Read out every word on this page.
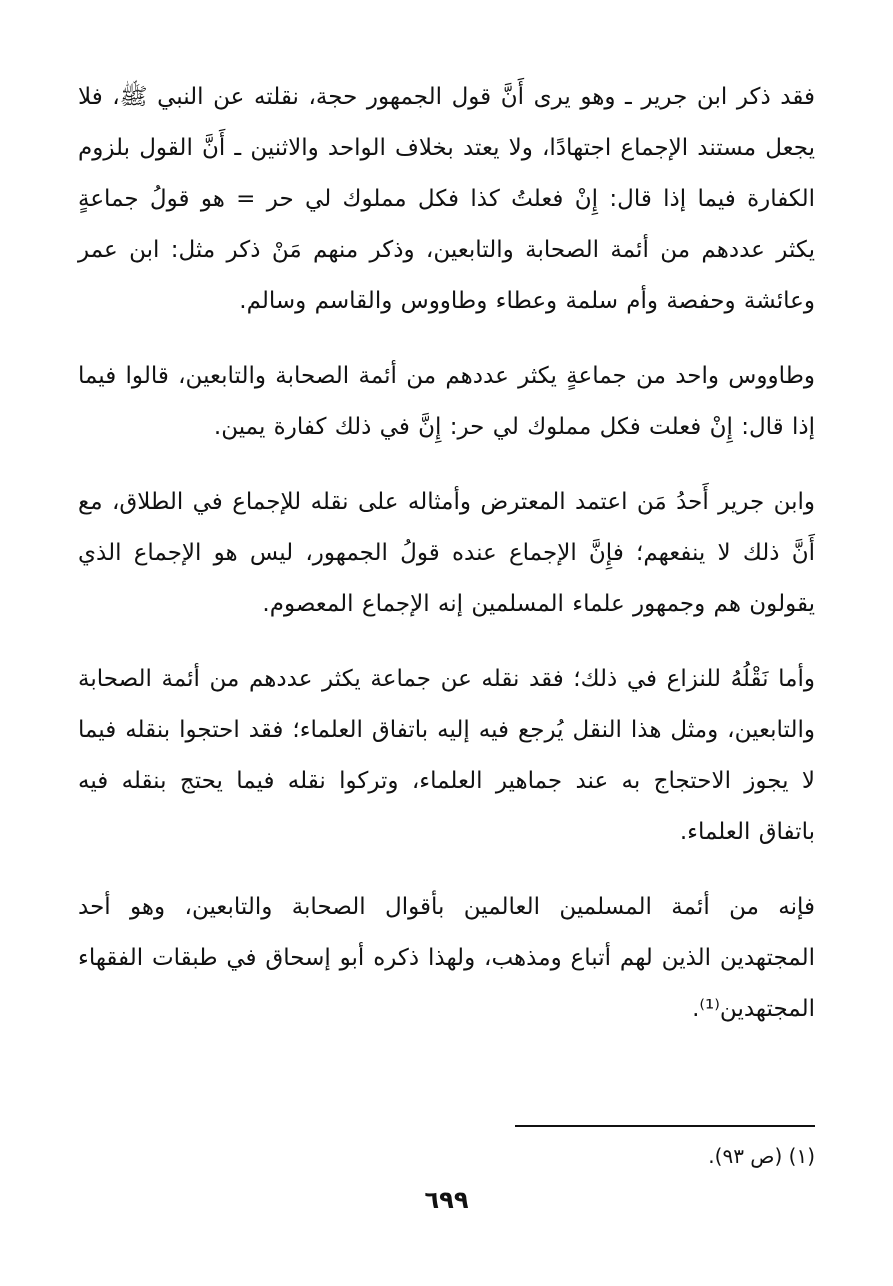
فقد ذكر ابن جرير ـ وهو يرى أَنَّ قول الجمهور حجة، نقلته عن النبي ﷺ، فلا يجعل مستند الإجماع اجتهادًا، ولا يعتد بخلاف الواحد والاثنين ـ أَنَّ القول بلزوم الكفارة فيما إذا قال: إِنْ فعلتُ كذا فكل مملوك لي حر = هو قولُ جماعةٍ يكثر عددهم من أئمة الصحابة والتابعين، وذكر منهم مَنْ ذكر مثل: ابن عمر وعائشة وحفصة وأم سلمة وعطاء وطاووس والقاسم وسالم.

وطاووس واحد من جماعةٍ يكثر عددهم من أئمة الصحابة والتابعين، قالوا فيما إذا قال: إِنْ فعلت فكل مملوك لي حر: إِنَّ في ذلك كفارة يمين.

وابن جرير أَحدُ مَن اعتمد المعترض وأمثاله على نقله للإجماع في الطلاق، مع أَنَّ ذلك لا ينفعهم؛ فإِنَّ الإجماع عنده قولُ الجمهور، ليس هو الإجماع الذي يقولون هم وجمهور علماء المسلمين إنه الإجماع المعصوم.

وأما نَقْلُهُ للنزاع في ذلك؛ فقد نقله عن جماعة يكثر عددهم من أئمة الصحابة والتابعين، ومثل هذا النقل يُرجع فيه إليه باتفاق العلماء؛ فقد احتجوا بنقله فيما لا يجوز الاحتجاج به عند جماهير العلماء، وتركوا نقله فيما يحتج بنقله فيه باتفاق العلماء.

فإنه من أئمة المسلمين العالمين بأقوال الصحابة والتابعين، وهو أحد المجتهدين الذين لهم أتباع ومذهب، ولهذا ذكره أبو إسحاق في طبقات الفقهاء المجتهدين⁽¹⁾.

(١) (ص ٩٣).

٦٩٩
